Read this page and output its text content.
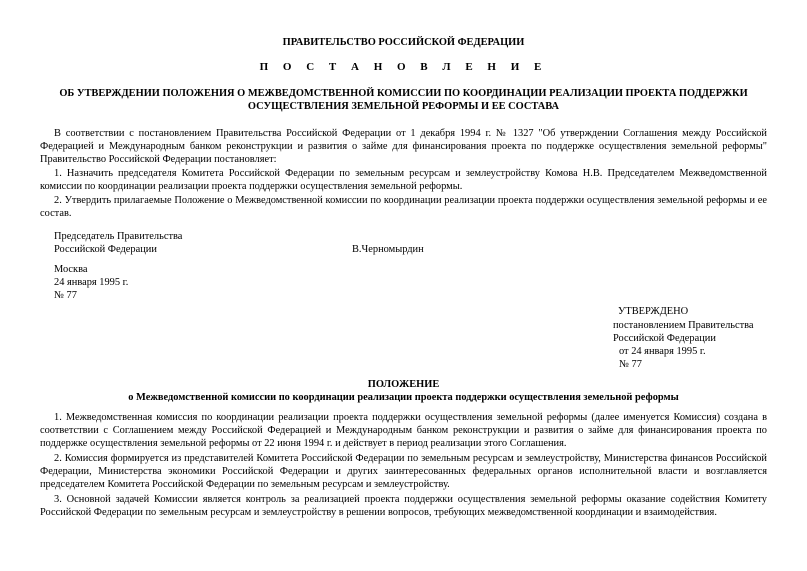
ПРАВИТЕЛЬСТВО РОССИЙСКОЙ ФЕДЕРАЦИИ
П О С Т А Н О В Л Е Н И Е
ОБ УТВЕРЖДЕНИИ ПОЛОЖЕНИЯ О МЕЖВЕДОМСТВЕННОЙ КОМИССИИ ПО КООРДИНАЦИИ РЕАЛИЗАЦИИ ПРОЕКТА ПОДДЕРЖКИ
ОСУЩЕСТВЛЕНИЯ ЗЕМЕЛЬНОЙ РЕФОРМЫ И ЕЕ СОСТАВА
В соответствии с постановлением Правительства Российской Федерации от 1 декабря 1994 г. № 1327 "Об утверждении Соглашения между Российской Федерацией и Международным банком реконструкции и развития о займе для финансирования проекта по поддержке осуществления земельной реформы" Правительство Российской Федерации постановляет:
1. Назначить председателя Комитета Российской Федерации по земельным ресурсам и землеустройству Комова Н.В. Председателем Межведомственной комиссии по координации реализации проекта поддержки осуществления земельной реформы.
2. Утвердить прилагаемые Положение о Межведомственной комиссии по координации реализации проекта поддержки осуществления земельной реформы и ее состав.
Председатель Правительства
Российской Федерации	В.Черномырдин
Москва
24 января 1995 г.
№ 77
УТВЕРЖДЕНО
постановлением Правительства
Российской Федерации
от 24 января 1995 г.
№ 77
ПОЛОЖЕНИЕ
о Межведомственной комиссии по координации реализации проекта поддержки осуществления земельной реформы
1. Межведомственная комиссия по координации реализации проекта поддержки осуществления земельной реформы (далее именуется Комиссия) создана в соответствии с Соглашением между Российской Федерацией и Международным банком реконструкции и развития о займе для финансирования проекта по поддержке осуществления земельной реформы от 22 июня 1994 г. и действует в период реализации этого Соглашения.
2. Комиссия формируется из представителей Комитета Российской Федерации по земельным ресурсам и землеустройству, Министерства финансов Российской Федерации, Министерства экономики Российской Федерации и других заинтересованных федеральных органов исполнительной власти и возглавляется председателем Комитета Российской Федерации по земельным ресурсам и землеустройству.
3. Основной задачей Комиссии является контроль за реализацией проекта поддержки осуществления земельной реформы оказание содействия Комитету Российской Федерации по земельным ресурсам и землеустройству в решении вопросов, требующих межведомственной координации и взаимодействия.
